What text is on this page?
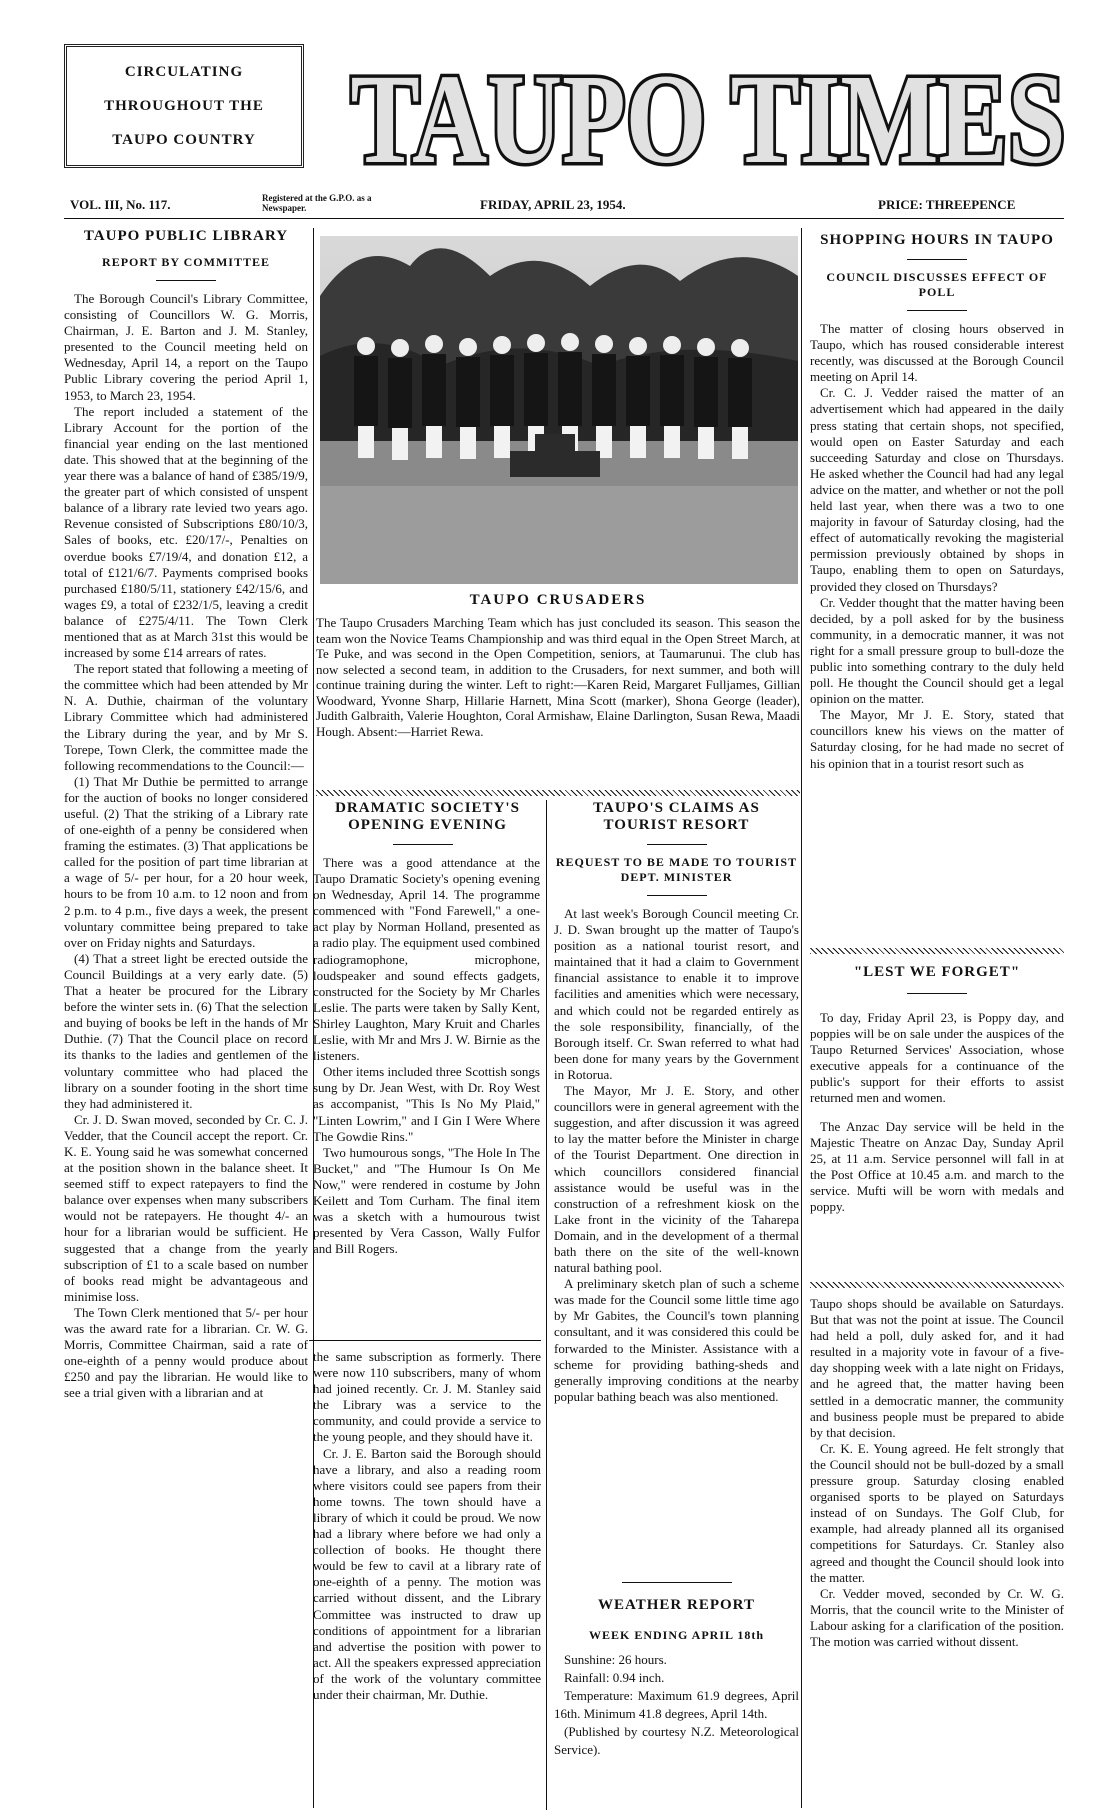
CIRCULATING
THROUGHOUT THE
TAUPO COUNTRY TAUPO TIMES
TAUPO TIMES
VOL. III, No. 117.	Registered at the G.P.O. as a Newspaper.	FRIDAY, APRIL 23, 1954.	PRICE: THREEPENCE
TAUPO PUBLIC LIBRARY
REPORT BY COMMITTEE

The Borough Council's Library Committee, consisting of Councillors W. G. Morris, Chairman, J. E. Barton and J. M. Stanley, presented to the Council meeting held on Wednesday, April 14, a report on the Taupo Public Library covering the period April 1, 1953, to March 23, 1954.

The report included a statement of the Library Account for the portion of the financial year ending on the last mentioned date. This showed that at the beginning of the year there was a balance of hand of £385/19/9, the greater part of which consisted of unspent balance of a library rate levied two years ago. Revenue consisted of Subscriptions £80/10/3, Sales of books, etc. £20/17/-, Penalties on overdue books £7/19/4, and donation £12, a total of £121/6/7. Payments comprised books purchased £180/5/11, stationery £42/15/6, and wages £9, a total of £232/1/5, leaving a credit balance of £275/4/11. The Town Clerk mentioned that as at March 31st this would be increased by some £14 arrears of rates.

The report stated that following a meeting of the committee which had been attended by Mr N. A. Duthie, chairman of the voluntary Library Committee which had administered the Library during the year, and by Mr S. Torepe, Town Clerk, the committee made the following recommendations to the Council:—

(1) That Mr Duthie be permitted to arrange for the auction of books no longer considered useful. (2) That the striking of a Library rate of one-eighth of a penny be considered when framing the estimates. (3) That applications be called for the position of part time librarian at a wage of 5/- per hour, for a 20 hour week, hours to be from 10 a.m. to 12 noon and from 2 p.m. to 4 p.m., five days a week, the present voluntary committee being prepared to take over on Friday nights and Saturdays.

(4) That a street light be erected outside the Council Buildings at a very early date. (5) That a heater be procured for the Library before the winter sets in. (6) That the selection and buying of books be left in the hands of Mr Duthie. (7) That the Council place on record its thanks to the ladies and gentlemen of the voluntary committee who had placed the library on a sounder footing in the short time they had administered it.

Cr. J. D. Swan moved, seconded by Cr. C. J. Vedder, that the Council accept the report. Cr. K. E. Young said he was somewhat concerned at the position shown in the balance sheet. It seemed stiff to expect ratepayers to find the balance over expenses when many subscribers would not be ratepayers. He thought 4/- an hour for a librarian would be sufficient. He suggested that a change from the yearly subscription of £1 to a scale based on number of books read might be advantageous and minimise loss.

The Town Clerk mentioned that 5/- per hour was the award rate for a librarian. Cr. W. G. Morris, Committee Chairman, said a rate of one-eighth of a penny would produce about £250 and pay the librarian. He would like to see a trial given with a librarian and at

TAUPO CRUSADERS
The Taupo Crusaders Marching Team which has just concluded its season. This season the team won the Novice Teams Championship and was third equal in the Open Street March, at Te Puke, and was second in the Open Competition, seniors, at Taumarunui. The club has now selected a second team, in addition to the Crusaders, for next summer, and both will continue training during the winter. Left to right:—Karen Reid, Margaret Fulljames, Gillian Woodward, Yvonne Sharp, Hillarie Harnett, Mina Scott (marker), Shona George (leader), Judith Galbraith, Valerie Houghton, Coral Armishaw, Elaine Darlington, Susan Rewa, Maadi Hough. Absent:—Harriet Rewa.
DRAMATIC SOCIETY'S OPENING EVENING

There was a good attendance at the Taupo Dramatic Society's opening evening on Wednesday, April 14. The programme commenced with "Fond Farewell," a one-act play by Norman Holland, presented as a radio play. The equipment used combined radiogramophone, microphone, loudspeaker and sound effects gadgets, constructed for the Society by Mr Charles Leslie. The parts were taken by Sally Kent, Shirley Laughton, Mary Kruit and Charles Leslie, with Mr and Mrs J. W. Birnie as the listeners.

Other items included three Scottish songs sung by Dr. Jean West, with Dr. Roy West as accompanist, "This Is No My Plaid," "Linten Lowrim," and I Gin I Were Where The Gowdie Rins."

Two humourous songs, "The Hole In The Bucket," and "The Humour Is On Me Now," were rendered in costume by John Keilett and Tom Curham. The final item was a sketch with a humourous twist presented by Vera Casson, Wally Fulfor and Bill Rogers.

the same subscription as formerly. There were now 110 subscribers, many of whom had joined recently. Cr. J. M. Stanley said the Library was a service to the community, and could provide a service to the young people, and they should have it.

Cr. J. E. Barton said the Borough should have a library, and also a reading room where visitors could see papers from their home towns. The town should have a library of which it could be proud. We now had a library where before we had only a collection of books. He thought there would be few to cavil at a library rate of one-eighth of a penny. The motion was carried without dissent, and the Library Committee was instructed to draw up conditions of appointment for a librarian and advertise the position with power to act. All the speakers expressed appreciation of the work of the voluntary committee under their chairman, Mr. Duthie.

TAUPO'S CLAIMS AS TOURIST RESORT
REQUEST TO BE MADE TO TOURIST DEPT. MINISTER

At last week's Borough Council meeting Cr. J. D. Swan brought up the matter of Taupo's position as a national tourist resort, and maintained that it had a claim to Government financial assistance to enable it to improve facilities and amenities which were necessary, and which could not be regarded entirely as the sole responsibility, financially, of the Borough itself. Cr. Swan referred to what had been done for many years by the Government in Rotorua.

The Mayor, Mr J. E. Story, and other councillors were in general agreement with the suggestion, and after discussion it was agreed to lay the matter before the Minister in charge of the Tourist Department. One direction in which councillors considered financial assistance would be useful was in the construction of a refreshment kiosk on the Lake front in the vicinity of the Taharepa Domain, and in the development of a thermal bath there on the site of the well-known natural bathing pool.

A preliminary sketch plan of such a scheme was made for the Council some little time ago by Mr Gabites, the Council's town planning consultant, and it was considered this could be forwarded to the Minister. Assistance with a scheme for providing bathing-sheds and generally improving conditions at the nearby popular bathing beach was also mentioned.

WEATHER REPORT
WEEK ENDING APRIL 18th

Sunshine: 26 hours.

Rainfall: 0.94 inch.

Temperature: Maximum 61.9 degrees, April 16th. Minimum 41.8 degrees, April 14th.

(Published by courtesy N.Z. Meteorological Service).

SHOPPING HOURS IN TAUPO
COUNCIL DISCUSSES EFFECT OF POLL

The matter of closing hours observed in Taupo, which has roused considerable interest recently, was discussed at the Borough Council meeting on April 14.

Cr. C. J. Vedder raised the matter of an advertisement which had appeared in the daily press stating that certain shops, not specified, would open on Easter Saturday and each succeeding Saturday and close on Thursdays. He asked whether the Council had had any legal advice on the matter, and whether or not the poll held last year, when there was a two to one majority in favour of Saturday closing, had the effect of automatically revoking the magisterial permission previously obtained by shops in Taupo, enabling them to open on Saturdays, provided they closed on Thursdays?

Cr. Vedder thought that the matter having been decided, by a poll asked for by the business community, in a democratic manner, it was not right for a small pressure group to bull-doze the public into something contrary to the duly held poll. He thought the Council should get a legal opinion on the matter.

The Mayor, Mr J. E. Story, stated that councillors knew his views on the matter of Saturday closing, for he had made no secret of his opinion that in a tourist resort such as

"LEST WE FORGET"

To day, Friday April 23, is Poppy day, and poppies will be on sale under the auspices of the Taupo Returned Services' Association, whose executive appeals for a continuance of the public's support for their efforts to assist returned men and women.

The Anzac Day service will be held in the Majestic Theatre on Anzac Day, Sunday April 25, at 11 a.m. Service personnel will fall in at the Post Office at 10.45 a.m. and march to the service. Mufti will be worn with medals and poppy.

Taupo shops should be available on Saturdays. But that was not the point at issue. The Council had held a poll, duly asked for, and it had resulted in a majority vote in favour of a five-day shopping week with a late night on Fridays, and he agreed that, the matter having been settled in a democratic manner, the community and business people must be prepared to abide by that decision.

Cr. K. E. Young agreed. He felt strongly that the Council should not be bull-dozed by a small pressure group. Saturday closing enabled organised sports to be played on Saturdays instead of on Sundays. The Golf Club, for example, had already planned all its organised competitions for Saturdays. Cr. Stanley also agreed and thought the Council should look into the matter.

Cr. Vedder moved, seconded by Cr. W. G. Morris, that the council write to the Minister of Labour asking for a clarification of the position. The motion was carried without dissent.
